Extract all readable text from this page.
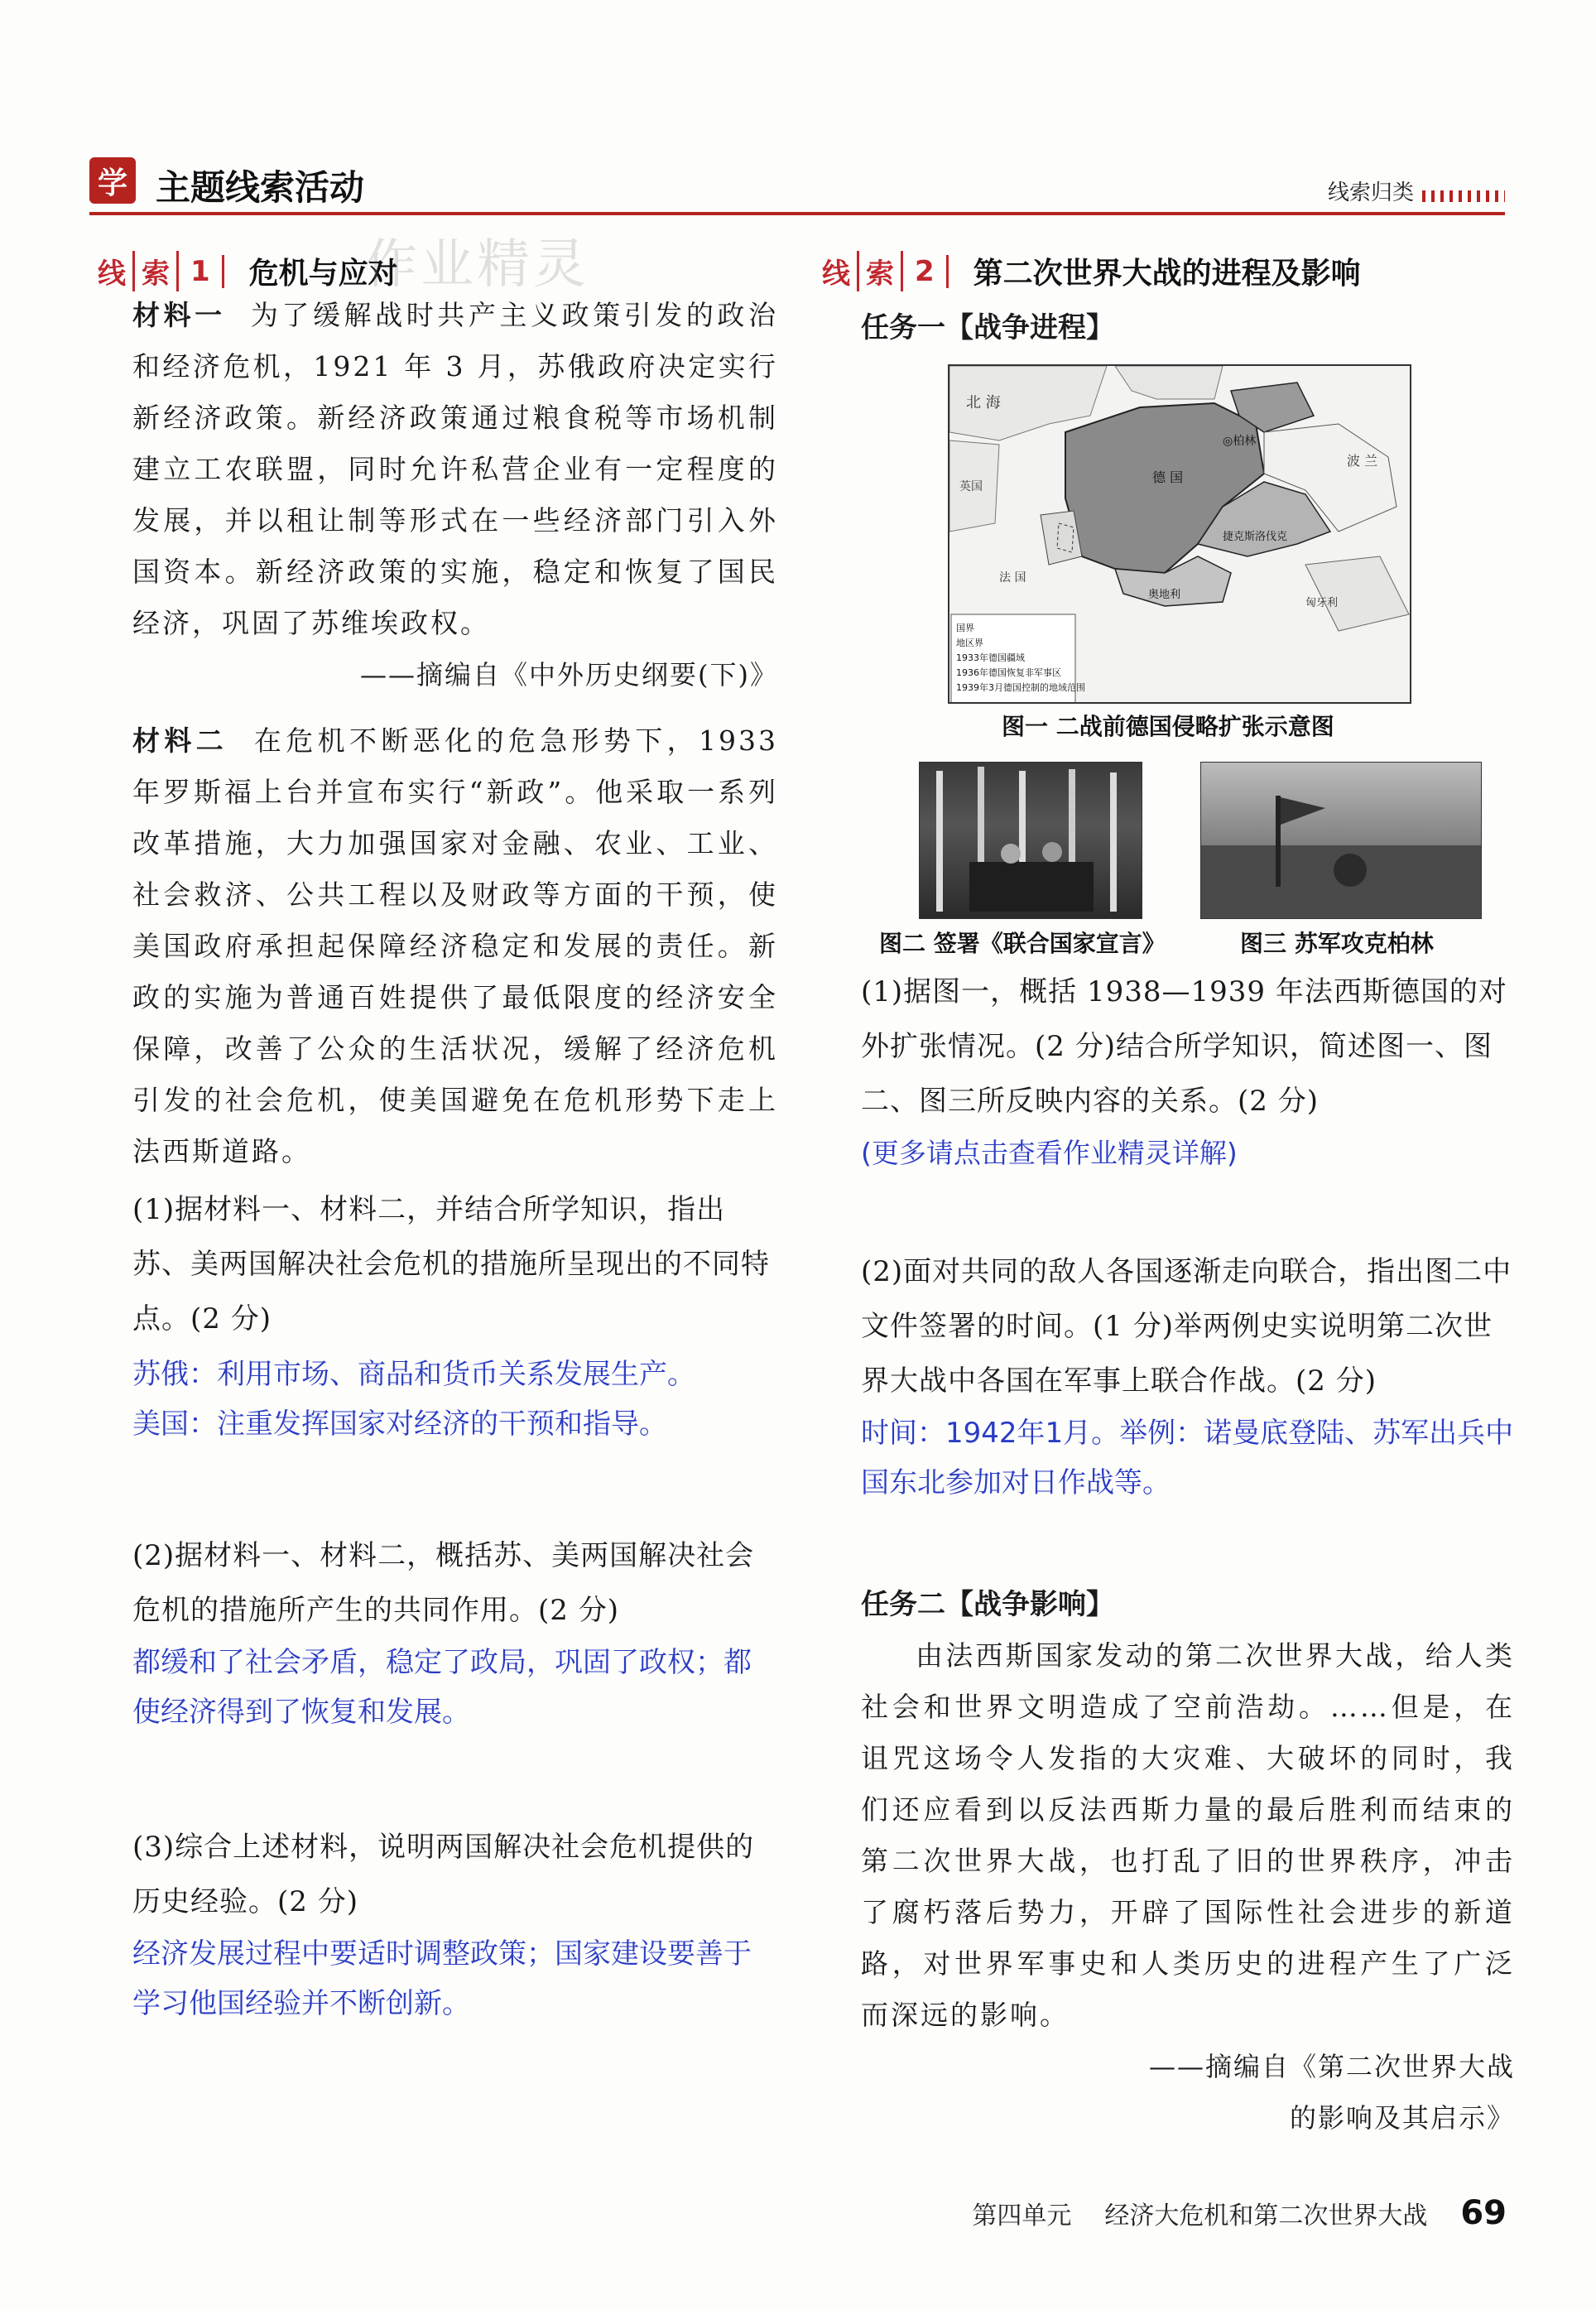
学 主题线索活动	线索归类
线 索 1	危机与应对
作业精灵	线 索 2	第二次世界大战的进程及影响

材料一 为了缓解战时共产主义政策引发的政治和经济危机，1921 年 3 月，苏俄政府决定实行新经济政策。新经济政策通过粮食税等市场机制建立工农联盟，同时允许私营企业有一定程度的发展，并以租让制等形式在一些经济部门引入外国资本。新经济政策的实施，稳定和恢复了国民经济，巩固了苏维埃政权。

——摘编自《中外历史纲要(下)》

材料二 在危机不断恶化的危急形势下，1933 年罗斯福上台并宣布实行“新政”。他采取一系列改革措施，大力加强国家对金融、农业、工业、社会救济、公共工程以及财政等方面的干预，使美国政府承担起保障经济稳定和发展的责任。新政的实施为普通百姓提供了最低限度的经济安全保障，改善了公众的生活状况，缓解了经济危机引发的社会危机，使美国避免在危机形势下走上法西斯道路。

(1)据材料一、材料二，并结合所学知识，指出苏、美两国解决社会危机的措施所呈现出的不同特点。(2 分)

苏俄：利用市场、商品和货币关系发展生产。

美国：注重发挥国家对经济的干预和指导。

(2)据材料一、材料二，概括苏、美两国解决社会危机的措施所产生的共同作用。(2 分)

都缓和了社会矛盾，稳定了政局，巩固了政权；都使经济得到了恢复和发展。

(3)综合上述材料，说明两国解决社会危机提供的历史经验。(2 分)

经济发展过程中要适时调整政策；国家建设要善于学习他国经验并不断创新。

任务一【战争进程】
德 国
◎柏林
北 海
英国
法 国
波 兰
捷克斯洛伐克
奥地利
匈牙利
国界
地区界
1933年德国疆域
1936年德国恢复非军事区
1939年3月德国控制的地域范围
图一 二战前德国侵略扩张示意图
图二 签署《联合国家宣言》	图三 苏军攻克柏林

(1)据图一，概括 1938—1939 年法西斯德国的对外扩张情况。(2 分)结合所学知识，简述图一、图二、图三所反映内容的关系。(2 分)

(更多请点击查看作业精灵详解)

(2)面对共同的敌人各国逐渐走向联合，指出图二中文件签署的时间。(1 分)举两例史实说明第二次世界大战中各国在军事上联合作战。(2 分)

时间：1942年1月。举例：诺曼底登陆、苏军出兵中国东北参加对日作战等。

任务二【战争影响】

由法西斯国家发动的第二次世界大战，给人类社会和世界文明造成了空前浩劫。……但是，在诅咒这场令人发指的大灾难、大破坏的同时，我们还应看到以反法西斯力量的最后胜利而结束的第二次世界大战，也打乱了旧的世界秩序，冲击了腐朽落后势力，开辟了国际性社会进步的新道路，对世界军事史和人类历史的进程产生了广泛而深远的影响。

——摘编自《第二次世界大战

的影响及其启示》

第四单元 经济大危机和第二次世界大战 69
